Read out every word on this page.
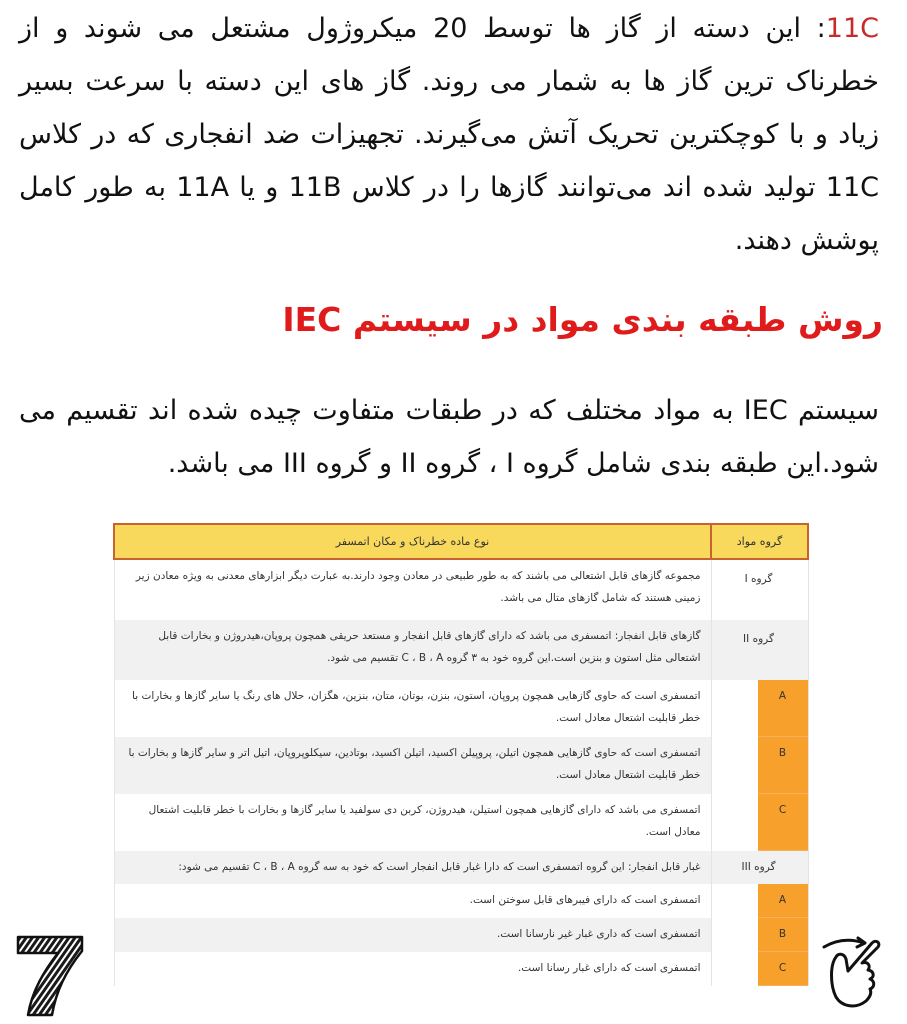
11C: این دسته از گاز ها توسط 20 میکروژول مشتعل می شوند و از خطرناک ترین گاز ها به شمار می روند. گاز های این دسته با سرعت بسیر زیاد و با کوچکترین تحریک آتش می‌گیرند. تجهیزات ضد انفجاری که در کلاس 11C تولید شده اند می‌توانند گازها را در کلاس 11B و یا 11A به طور کامل پوشش دهند.
روش طبقه بندی مواد در سیستم IEC
سیستم IEC به مواد مختلف که در طبقات متفاوت چیده شده اند تقسیم می شود.این طبقه بندی شامل گروه I ، گروه II و گروه III می باشد.
گروه مواد	نوع ماده خطرناک و مکان اتمسفر
گروه I	مجموعه گازهای قابل اشتعالی می باشند که به طور طبیعی در معادن وجود دارند.به عبارت دیگر ابزارهای معدنی به ویژه معادن زیر زمینی هستند که شامل گازهای متال می باشد.
گروه II	گازهای قابل انفجار: اتمسفری می باشد که دارای گازهای قابل انفجار و مستعد حریقی همچون پروپان،هیدروژن و بخارات قابل اشتعالی مثل استون و بنزین است.این گروه خود به ۳ گروه C ، B ، A تقسیم می شود.

A	اتمسفری است که حاوی گازهایی همچون پروپان، استون، بنزن، بوتان، متان، بنزین، هگزان، حلال های رنگ یا سایر گازها و بخارات با خطر قابلیت اشتعال معادل است.

B	اتمسفری است که حاوی گازهایی همچون اتیلن، پروپیلن اکسید، اتیلن اکسید، بوتادین، سیکلوپروپان، اتیل اتر و سایر گازها و بخارات با خطر قابلیت اشتعال معادل است.

C	اتمسفری می باشد که دارای گازهایی همچون استیلن، هیدروژن، کربن دی سولفید یا سایر گازها و بخارات با خطر قابلیت اشتعال معادل است.
گروه III	غبار قابل انفجار: این گروه اتمسفری است که دارا غبار قابل انفجار است که خود به سه گروه C ، B ، A تقسیم می شود:

A	اتمسفری است که دارای فیبرهای قابل سوختن است.

B	اتمسفری است که داری غبار غیر نارسانا است.

C	اتمسفری است که دارای غبار رسانا است.
